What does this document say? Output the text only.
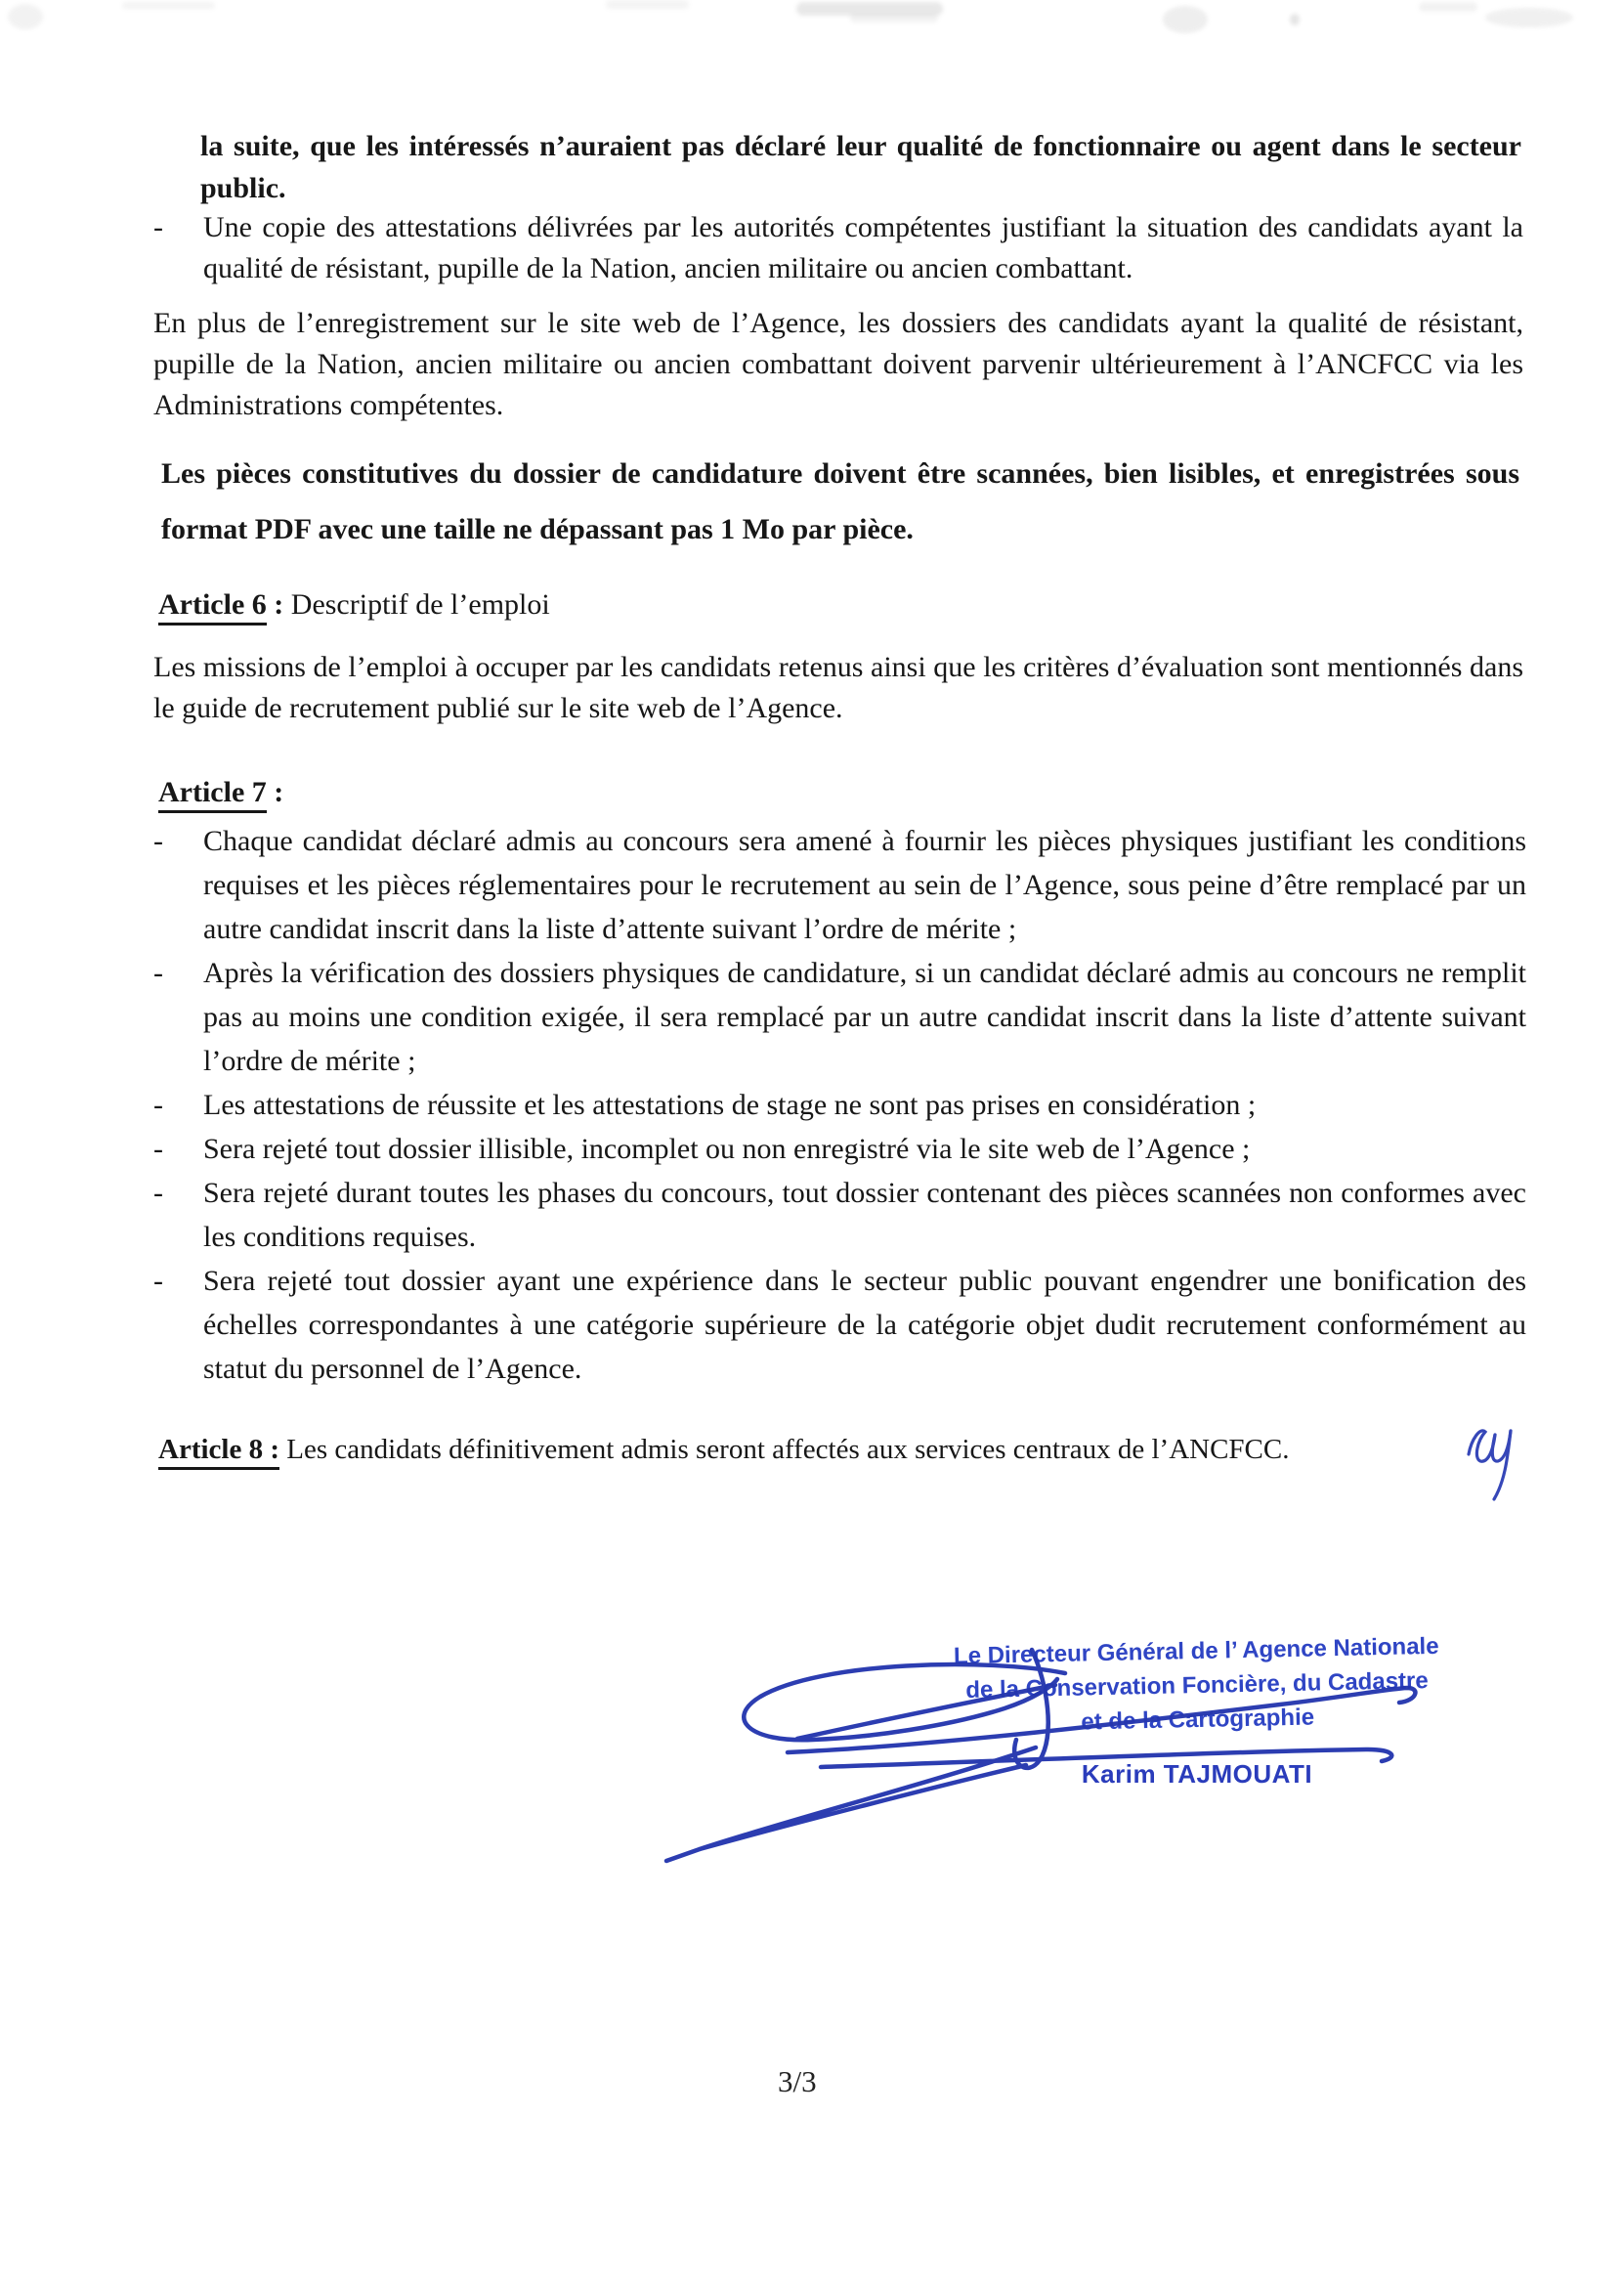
la suite, que les intéressés n’auraient pas déclaré leur qualité de fonctionnaire ou agent dans le secteur public.
-	Une copie des attestations délivrées par les autorités compétentes justifiant la situation des candidats ayant la qualité de résistant, pupille de la Nation, ancien militaire ou ancien combattant.
En plus de l’enregistrement sur le site web de l’Agence, les dossiers des candidats ayant la qualité de résistant, pupille de la Nation, ancien militaire ou ancien combattant doivent parvenir ultérieurement à l’ANCFCC via les Administrations compétentes.
Les pièces constitutives du dossier de candidature doivent être scannées, bien lisibles, et enregistrées sous format PDF avec une taille ne dépassant pas 1 Mo par pièce.
Article 6 : Descriptif de l’emploi
Les missions de l’emploi à occuper par les candidats retenus ainsi que les critères d’évaluation sont mentionnés dans le guide de recrutement publié sur le site web de l’Agence.
Article 7 :
- Chaque candidat déclaré admis au concours sera amené à fournir les pièces physiques justifiant les conditions requises et les pièces réglementaires pour le recrutement au sein de l’Agence, sous peine d’être remplacé par un autre candidat inscrit dans la liste d’attente suivant l’ordre de mérite ;
- Après la vérification des dossiers physiques de candidature, si un candidat déclaré admis au concours ne remplit pas au moins une condition exigée, il sera remplacé par un autre candidat inscrit dans la liste d’attente suivant l’ordre de mérite ;
- Les attestations de réussite et les attestations de stage ne sont pas prises en considération ;
- Sera rejeté tout dossier illisible, incomplet ou non enregistré via le site web de l’Agence ;
- Sera rejeté durant toutes les phases du concours, tout dossier contenant des pièces scannées non conformes avec les conditions requises.
- Sera rejeté tout dossier ayant une expérience dans le secteur public pouvant engendrer une bonification des échelles correspondantes à une catégorie supérieure de la catégorie objet dudit recrutement conformément au statut du personnel de l’Agence.
Article 8 : Les candidats définitivement admis seront affectés aux services centraux de l’ANCFCC.
Le Directeur Général de l’ Agence Nationale
de la Conservation Foncière, du Cadastre
et de la Cartographie
Karim TAJMOUATI
3/3
